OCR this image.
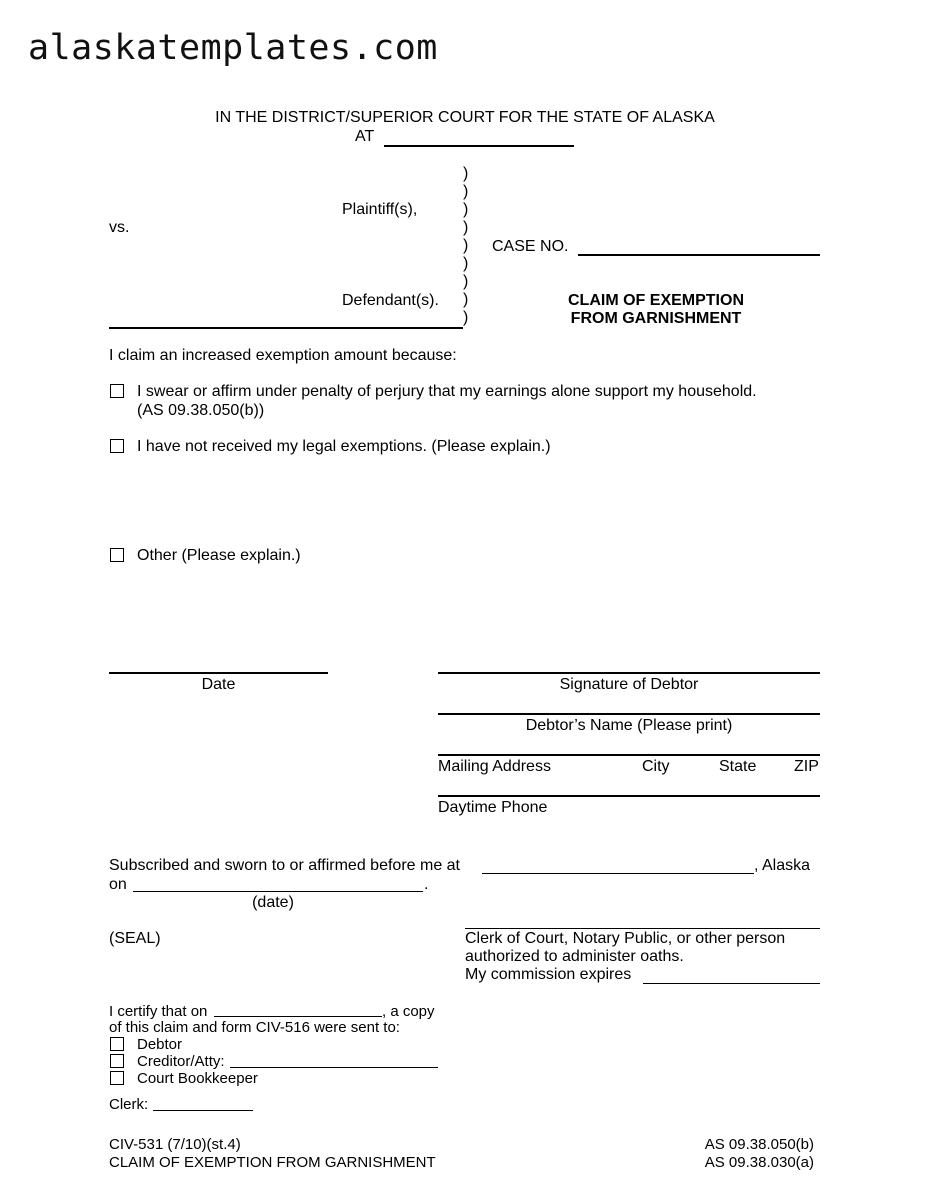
alaskatemplates.com
IN THE DISTRICT/SUPERIOR COURT FOR THE STATE OF ALASKA
AT
)
)
)
)
)
)
)
)
)
Plaintiff(s),
vs.
Defendant(s).
CASE NO.
CLAIM OF EXEMPTION
FROM GARNISHMENT
I claim an increased exemption amount because:
I swear or affirm under penalty of perjury that my earnings alone support my household.
(AS 09.38.050(b))
I have not received my legal exemptions. (Please explain.)
Other (Please explain.)
Date	Signature of Debtor
Debtor’s Name (Please print)
Mailing Address	City	State ZIP
Daytime Phone
Subscribed and sworn to or affirmed before me at	, Alaska
on	.
(date)
(SEAL)	Clerk of Court, Notary Public, or other person
authorized to administer oaths.
My commission expires
I certify that on	, a copy
of this claim and form CIV-516 were sent to:
Debtor
Creditor/Atty:
Court Bookkeeper
Clerk:
CIV-531 (7/10)(st.4)
CLAIM OF EXEMPTION FROM GARNISHMENT
AS 09.38.050(b)
AS 09.38.030(a)
